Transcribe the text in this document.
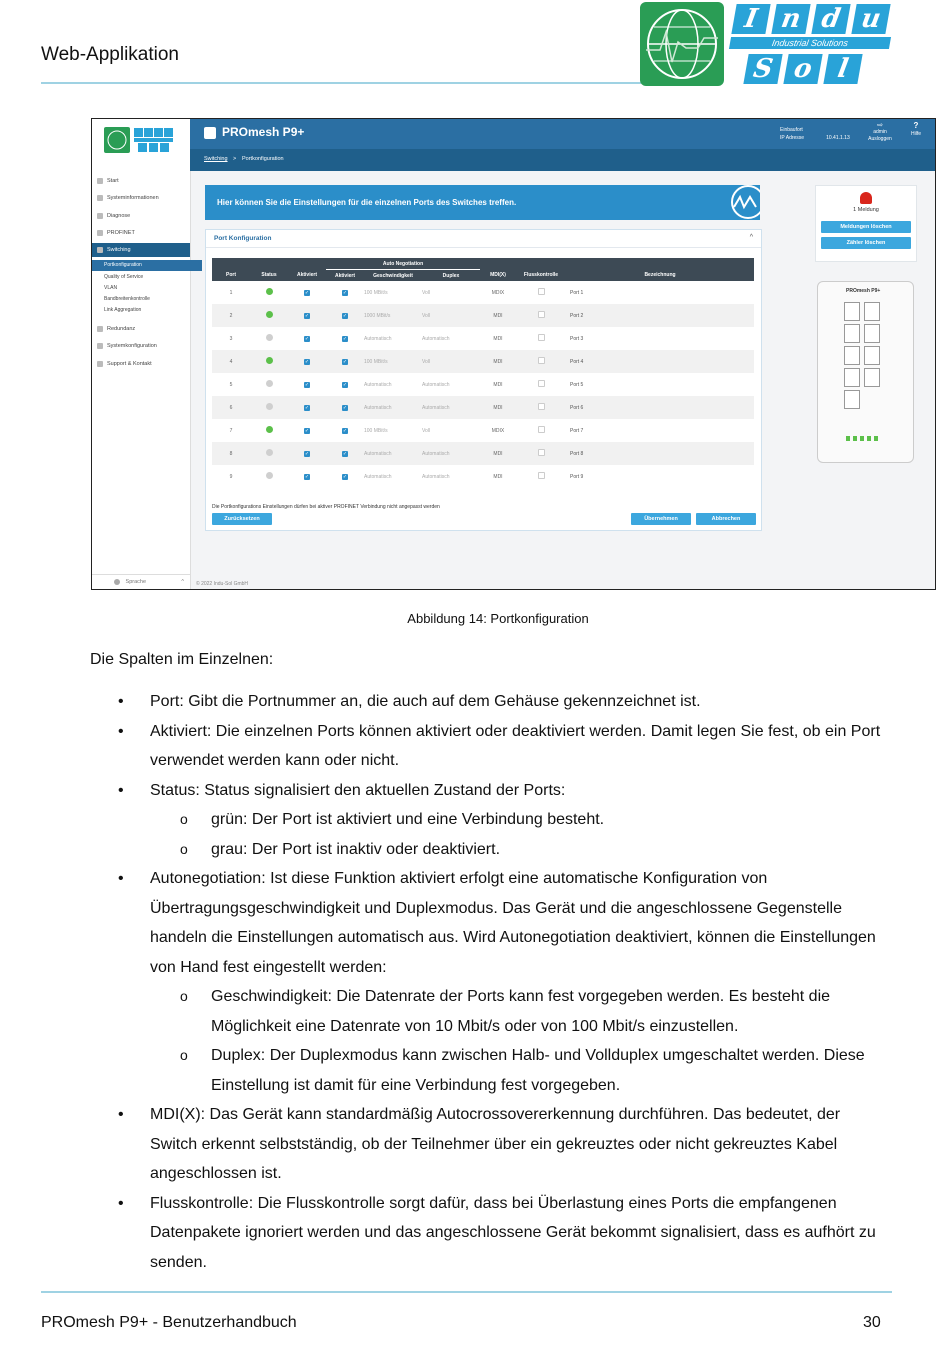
Web-Applikation
Industrial Solutions
I n d u
S o l
Start
Systeminformationen
Diagnose
PROFINET
Switching
Portkonfiguration
Quality of Service
VLAN
Bandbreitenkontrolle
Link Aggregation
Redundanz
Systemkonfiguration
Support & Kontakt
Sprache	^
PROmesh P9+	Einbaufort
IP Adresse	10.41.1.13
⇨
admin
Ausloggen
?
Hilfe
Switching > Portkonfiguration
Hier können Sie die Einstellungen für die einzelnen Ports des Switches treffen.
Port Konfiguration	^
			Auto Negotiation					
Port	Status	Aktiviert	Aktiviert	Geschwindigkeit	Duplex	MDI(X)	Flusskontrolle	Bezeichnung
1		✓	✓	100 MBit/s	Voll	MDIX		Port 1
2		✓	✓	1000 MBit/s	Voll	MDI		Port 2
3		✓	✓	Automatisch	Automatisch	MDI		Port 3
4		✓	✓	100 MBit/s	Voll	MDI		Port 4
5		✓	✓	Automatisch	Automatisch	MDI		Port 5
6		✓	✓	Automatisch	Automatisch	MDI		Port 6
7		✓	✓	100 MBit/s	Voll	MDIX		Port 7
8		✓	✓	Automatisch	Automatisch	MDI		Port 8
9		✓	✓	Automatisch	Automatisch	MDI		Port 9
Die Portkonfigurations Einstellungen dürfen bei aktiver PROFINET Verbindung nicht angepasst werden
Zurücksetzen	Übernehmen	Abbrechen
1 Meldung
Meldungen löschen
Zähler löschen
PROmesh P9+
© 2022 Indu-Sol GmbH
Abbildung 14: Portkonfiguration
Die Spalten im Einzelnen:
• Port: Gibt die Portnummer an, die auch auf dem Gehäuse gekennzeichnet ist.
• Aktiviert: Die einzelnen Ports können aktiviert oder deaktiviert werden. Damit legen Sie fest, ob ein Port verwendet werden kann oder nicht.
• Status: Status signalisiert den aktuellen Zustand der Ports:
o grün: Der Port ist aktiviert und eine Verbindung besteht.
o grau: Der Port ist inaktiv oder deaktiviert.
• Autonegotiation: Ist diese Funktion aktiviert erfolgt eine automatische Konfiguration von Übertragungsgeschwindigkeit und Duplexmodus. Das Gerät und die angeschlossene Gegenstelle handeln die Einstellungen automatisch aus. Wird Autonegotiation deaktiviert, können die Einstellungen von Hand fest eingestellt werden:
o Geschwindigkeit: Die Datenrate der Ports kann fest vorgegeben werden. Es besteht die Möglichkeit eine Datenrate von 10 Mbit/s oder von 100 Mbit/s einzustellen.
o Duplex: Der Duplexmodus kann zwischen Halb- und Vollduplex umgeschaltet werden. Diese Einstellung ist damit für eine Verbindung fest vorgegeben.
• MDI(X): Das Gerät kann standardmäßig Autocrossovererkennung durchführen. Das bedeutet, der Switch erkennt selbstständig, ob der Teilnehmer über ein gekreuztes oder nicht gekreuztes Kabel angeschlossen ist.
• Flusskontrolle: Die Flusskontrolle sorgt dafür, dass bei Überlastung eines Ports die empfangenen Datenpakete ignoriert werden und das angeschlossene Gerät bekommt signalisiert, dass es aufhört zu senden.
PROmesh P9+ - Benutzerhandbuch	30
